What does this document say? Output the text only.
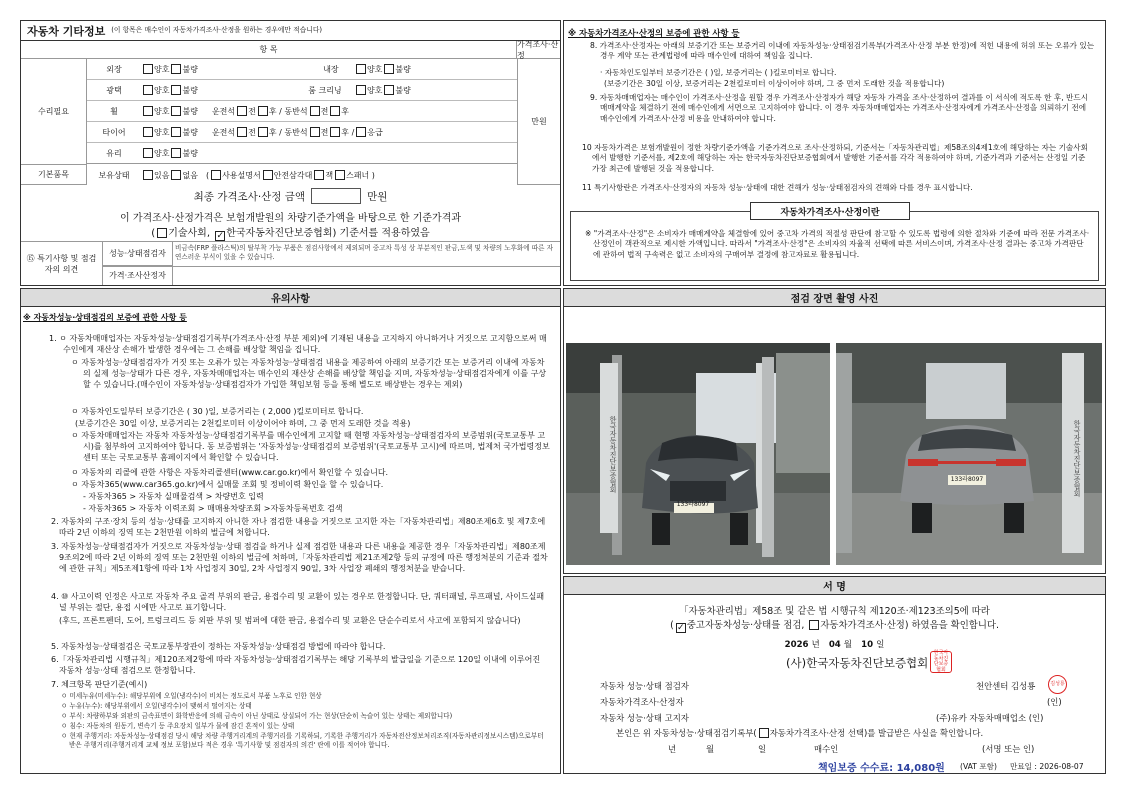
자동차 기타정보 (이 항목은 매수인이 자동차가격조사·산정을 원하는 경우에만 적습니다)
항 목
가격조사·산정
수리필요
기본품목
만원
외장	양호 불량	내장	양호 불량
광택	양호 불량	룸 크리닝	양호 불량
휠	양호 불량 운전석 전 후 / 동반석 전 후
타이어	양호 불량 운전석 전 후 / 동반석 전 후 / 응급
유리	양호 불량
보유상태	있음 없음 ( 사용설명서 안전삼각대 잭 스패너 )
최종 가격조사·산정 금액	만원
이 가격조사·산정가격은 보험개발원의 차량기준가액을 바탕으로 한 기준가격과
( 기술사회, ✓ 한국자동차진단보증협회) 기준서를 적용하였음
⑮ 특기사항 및 점검자의 의견
성능·상태점검자
비금속(FRP 플라스틱)의 탈부착 가능 부품은 점검사항에서 제외되며 중고차 특성 상 부분적인 판금,도색 및 차량의 노후화에 따른 자연스러운 부식이 있을 수 있습니다.
가격·조사산정자
※ 자동차가격조사·산정의 보증에 관한 사항 등
8. 가격조사·산정자는 아래의 보증기간 또는 보증거리 이내에 자동차성능·상태점검기록부(가격조사·산정 부분 한정)에 적힌 내용에 허위 또는 오류가 있는 경우 계약 또는 관계법령에 따라 매수인에 대하여 책임을 집니다.
· 자동차인도일부터 보증기간은 ( )일, 보증거리는 ( )킬로미터로 합니다.
(보증기간은 30일 이상, 보증거리는 2천킬로미터 이상이어야 하며, 그 중 먼저 도래한 것을 적용합니다)
9. 자동차매매업자는 매수인이 가격조사·산정을 원할 경우 가격조사·산정자가 해당 자동차 가격을 조사·산정하여 결과를 이 서식에 적도록 한 후, 반드시 매매계약을 체결하기 전에 매수인에게 서면으로 고지하여야 합니다. 이 경우 자동차매매업자는 가격조사·산정자에게 가격조사·산정을 의뢰하기 전에 매수인에게 가격조사·산정 비용을 안내하여야 합니다.
10 자동차가격은 보험개발원이 정한 차량기준가액을 기준가격으로 조사·산정하되, 기준서는「자동차관리법」제58조의4제1호에 해당하는 자는 기술사회에서 발행한 기준서를, 제2호에 해당하는 자는 한국자동차진단보증협회에서 발행한 기준서를 각각 적용하여야 하며, 기준가격과 기준서는 산정일 기준 가장 최근에 발행된 것을 적용합니다.
11 특기사항란은 가격조사·산정자의 자동차 성능·상태에 대한 견해가 성능·상태점검자의 견해와 다를 경우 표시합니다.
※ "가격조사·산정"은 소비자가 매매계약을 체결함에 있어 중고차 가격의 적절성 판단에 참고할 수 있도록 법령에 의한 절차와 기준에 따라 전문 가격조사·산정인이 객관적으로 제시한 가액입니다. 따라서 "가격조사·산정"은 소비자의 자율적 선택에 따른 서비스이며, 가격조사·산정 결과는 중고차 가격판단에 관하여 법적 구속력은 없고 소비자의 구매여부 결정에 참고자료로 활용됩니다.
자동차가격조사·산정이란
유의사항
※ 자동차성능·상태점검의 보증에 관한 사항 등
1. ㅇ 자동차매매업자는 자동차성능·상태점검기록부(가격조사·산정 부분 제외)에 기재된 내용을 고지하지 아니하거나 거짓으로 고지함으로써 매수인에게 재산상 손해가 발생한 경우에는 그 손해를 배상할 책임을 집니다.
ㅇ 자동차성능·상태점검자가 거짓 또는 오류가 있는 자동차성능·상태점검 내용을 제공하여 아래의 보증기간 또는 보증거리 이내에 자동차의 실제 성능·상태가 다른 경우, 자동차매매업자는 매수인의 재산상 손해를 배상할 책임을 지며, 자동차성능·상태점검자에게 이를 구상할 수 있습니다.(매수인이 자동차성능·상태점검자가 가입한 책임보험 등을 통해 별도로 배상받는 경우는 제외)
ㅇ 자동차인도일부터 보증기간은 ( 30 )일, 보증거리는 ( 2,000 )킬로미터로 합니다.
(보증기간은 30일 이상, 보증거리는 2천킬로미터 이상이어야 하며, 그 중 먼저 도래한 것을 적용)
ㅇ 자동차매매업자는 자동차 자동차성능·상태점검기록부를 매수인에게 고지할 때 현행 자동차성능·상태점검자의 보증범위(국토교통부 고시)를 첨부하여 고지하여야 합니다. 동 보증범위는 '자동차성능·상태점검의 보증범위'(국토교통부 고시)에 따르며, 법제처 국가법령정보센터 또는 국토교통부 홈페이지에서 확인할 수 있습니다.
ㅇ 자동차의 리콜에 관한 사항은 자동차리콜센터(www.car.go.kr)에서 확인할 수 있습니다.
ㅇ 자동차365(www.car365.go.kr)에서 실매물 조회 및 정비이력 확인을 할 수 있습니다.
- 자동차365 > 자동차 실매물검색 > 차량번호 입력
- 자동차365 > 자동차 이력조회 > 매매용차량조회 >자동차등록번호 검색
2. 자동차의 구조·장치 등의 성능·상태를 고지하지 아니한 자나 점검한 내용을 거짓으로 고지한 자는「자동차관리법」제80조제6호 및 제7호에 따라 2년 이하의 징역 또는 2천만원 이하의 벌금에 처합니다.
3. 자동차성능·상태점검자가 거짓으로 자동차성능·상태 점검을 하거나 실제 점검한 내용과 다른 내용을 제공한 경우「자동차관리법」제80조제9조의2에 따라 2년 이하의 징역 또는 2천만원 이하의 벌금에 처하며,「자동차관리법 제21조제2항 등의 규정에 따른 행정처분의 기준과 절차에 관한 규칙」제5조제1항에 따라 1차 사업정지 30일, 2차 사업정지 90일, 3차 사업장 폐쇄의 행정처분을 받습니다.
4. ⑩ 사고이력 인정은 사고로 자동차 주요 골격 부위의 판금, 용접수리 및 교환이 있는 경우로 한정합니다. 단, 쿼터패널, 루프패널, 사이드실패널 부위는 절단, 용접 시에만 사고로 표기합니다.
(후드, 프론트펜더, 도어, 트렁크리드 등 외판 부위 및 범퍼에 대한 판금, 용접수리 및 교환은 단순수리로서 사고에 포함되지 않습니다)
5. 자동차성능·상태점검은 국토교통부장관이 정하는 자동차성능·상태점검 방법에 따라야 합니다.
6.「자동차관리법 시행규칙」제120조제2항에 따라 자동차성능·상태점검기록부는 해당 기록부의 발급일을 기준으로 120일 이내에 이루어진 자동차 성능·상태 점검으로 한정합니다.
7. 체크항목 판단기준(예시)
ㅇ 미세누유(미세누수): 해당부위에 오일(냉각수)이 비치는 정도로서 부품 노후로 인한 현상
ㅇ 누유(누수): 해당부위에서 오일(냉각수)이 맺혀서 떨어지는 상태
ㅇ 부식: 차량하부와 외판의 금속표면이 화학반응에 의해 금속이 아닌 상태로 상실되어 가는 현상(단순히 녹슬어 있는 상태는 제외합니다)
ㅇ 침수: 자동차의 원동기, 변속기 등 주요장치 일부가 물에 잠긴 흔적이 있는 상태
ㅇ 현재 주행거리: 자동차성능·상태점검 당시 해당 차량 주행거리계의 주행거리를 기록하되, 기록한 주행거리가 자동차전산정보처리조직(자동차관리정보시스템)으로부터 받은 주행거리(주행거리계 교체 정보 포함)보다 적은 경우 '특기사항 및 점검자의 의견' 란에 이를 적어야 합니다.
점검 장면 촬영 사진
133라8097
한국자동차진단보증협회	133라8097	한국자동차진단보증협회
서 명
「자동차관리법」제58조 및 같은 법 시행규칙 제120조·제123조의5에 따라
( ✓ 중고자동차성능·상태를 점검, 자동차가격조사·산정) 하였음을 확인합니다.
2026 년 04 월 10 일
(사)한국자동차진단보증협회
한국자동차진단보증협회
자동차 성능·상태 점검자	천안센터 김성룡	김성룡
자동차가격조사·산정자	(인)
자동차 성능·상태 고지자	(주)유카 자동차매매업소 (인)
본인은 위 자동차성능·상태점검기록부( 자동차가격조사·산정 선택)를 발급받은 사실을 확인합니다.
년	월	일	매수인	(서명 또는 인)
책임보증 수수료: 14,080원 (VAT 포함) 만료일 : 2026-08-07
